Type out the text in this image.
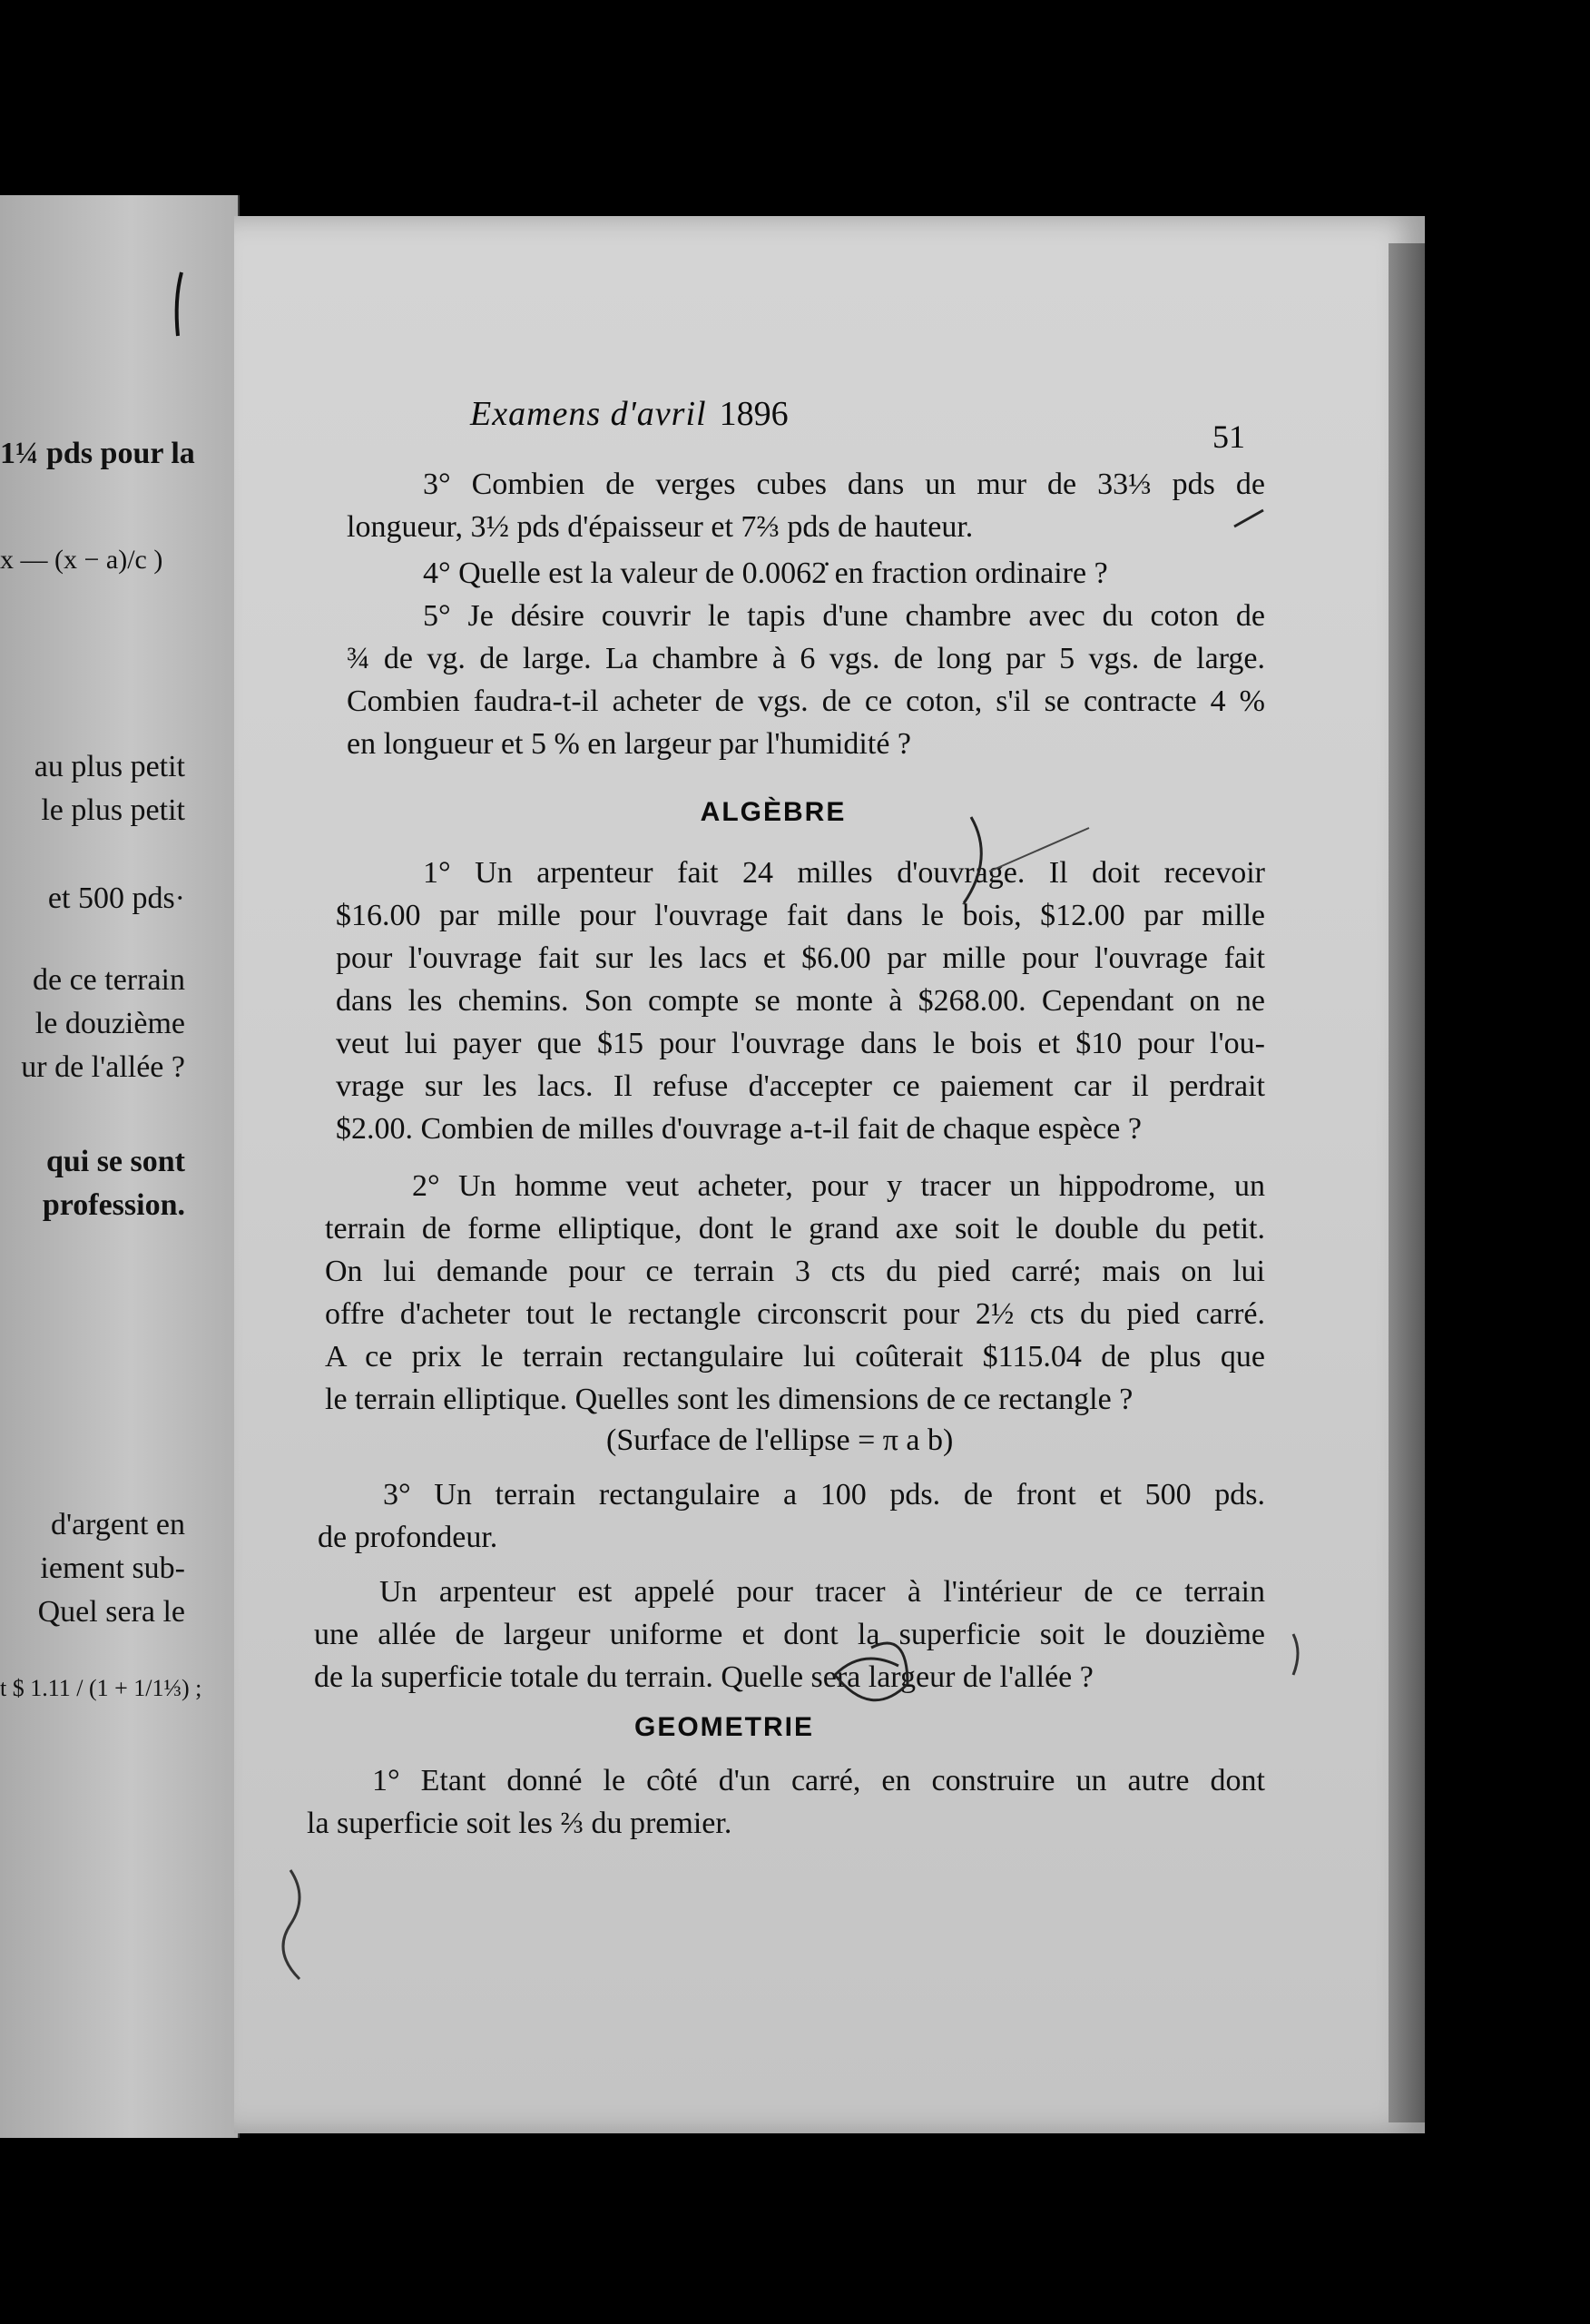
1¼ pds pour la
x — (x − a)/c )
au plus petit
le plus petit
et 500 pds·
de ce terrain
le douzième
ur de l'allée ?
qui se sont
profession.
d'argent en
iement sub-
Quel sera le
t $ 1.11 / (1 + 1/1⅓) ;
Examens d'avril 1896
51
3° Combien de verges cubes dans un mur de 33⅓ pds de
longueur, 3½ pds d'épaisseur et 7⅔ pds de hauteur.
4° Quelle est la valeur de 0.0062̇ en fraction ordinaire ?
5° Je désire couvrir le tapis d'une chambre avec du coton de
¾ de vg. de large. La chambre à 6 vgs. de long par 5 vgs. de large.
Combien faudra-t-il acheter de vgs. de ce coton, s'il se contracte 4 %
en longueur et 5 % en largeur par l'humidité ?
ALGÈBRE
1° Un arpenteur fait 24 milles d'ouvrage. Il doit recevoir
$16.00 par mille pour l'ouvrage fait dans le bois, $12.00 par mille
pour l'ouvrage fait sur les lacs et $6.00 par mille pour l'ouvrage fait
dans les chemins. Son compte se monte à $268.00. Cependant on ne
veut lui payer que $15 pour l'ouvrage dans le bois et $10 pour l'ou-
vrage sur les lacs. Il refuse d'accepter ce paiement car il perdrait
$2.00. Combien de milles d'ouvrage a-t-il fait de chaque espèce ?
2° Un homme veut acheter, pour y tracer un hippodrome, un
terrain de forme elliptique, dont le grand axe soit le double du petit.
On lui demande pour ce terrain 3 cts du pied carré; mais on lui
offre d'acheter tout le rectangle circonscrit pour 2½ cts du pied carré.
A ce prix le terrain rectangulaire lui coûterait $115.04 de plus que
le terrain elliptique. Quelles sont les dimensions de ce rectangle ?
(Surface de l'ellipse = π a b)
3° Un terrain rectangulaire a 100 pds. de front et 500 pds.
de profondeur.
Un arpenteur est appelé pour tracer à l'intérieur de ce terrain
une allée de largeur uniforme et dont la superficie soit le douzième
de la superficie totale du terrain. Quelle sera largeur de l'allée ?
GEOMETRIE
1° Etant donné le côté d'un carré, en construire un autre dont
la superficie soit les ⅔ du premier.
